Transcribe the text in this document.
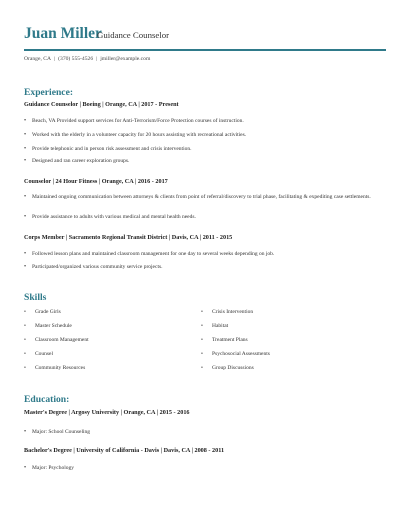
Juan Miller
Guidance Counselor
Orange, CA | (370) 555-4526 | jmiller@example.com
Experience:
Guidance Counselor | Boeing | Orange, CA | 2017 - Present
•	Beach, VA Provided support services for Anti-Terrorism/Force Protection courses of instruction.
•	Worked with the elderly in a volunteer capacity for 20 hours assisting with recreational activities.
•	Provide telephonic and in person risk assessment and crisis intervention.
•	Designed and ran career exploration groups.
Counselor | 24 Hour Fitness | Orange, CA | 2016 - 2017
•	Maintained ongoing communication between attorneys & clients from point of referral/discovery to trial phase, facilitating & expediting case settlements.
•	Provide assistance to adults with various medical and mental health needs.
Corps Member | Sacramento Regional Transit District | Davis, CA | 2011 - 2015
•	Followed lesson plans and maintained classroom management for one day to several weeks depending on job.
•	Participated/organized various community service projects.
Skills
• Grade Girls
• Master Schedule
• Classroom Management
• Counsel
• Community Resources
• Crisis Intervention
• Habitat
• Treatment Plans
• Psychosocial Assessments
• Group Discussions
Education:
Master's Degree | Argosy University | Orange, CA | 2015 - 2016
•	Major: School Counseling
Bachelor's Degree | University of California - Davis | Davis, CA | 2008 - 2011
•	Major: Psychology
